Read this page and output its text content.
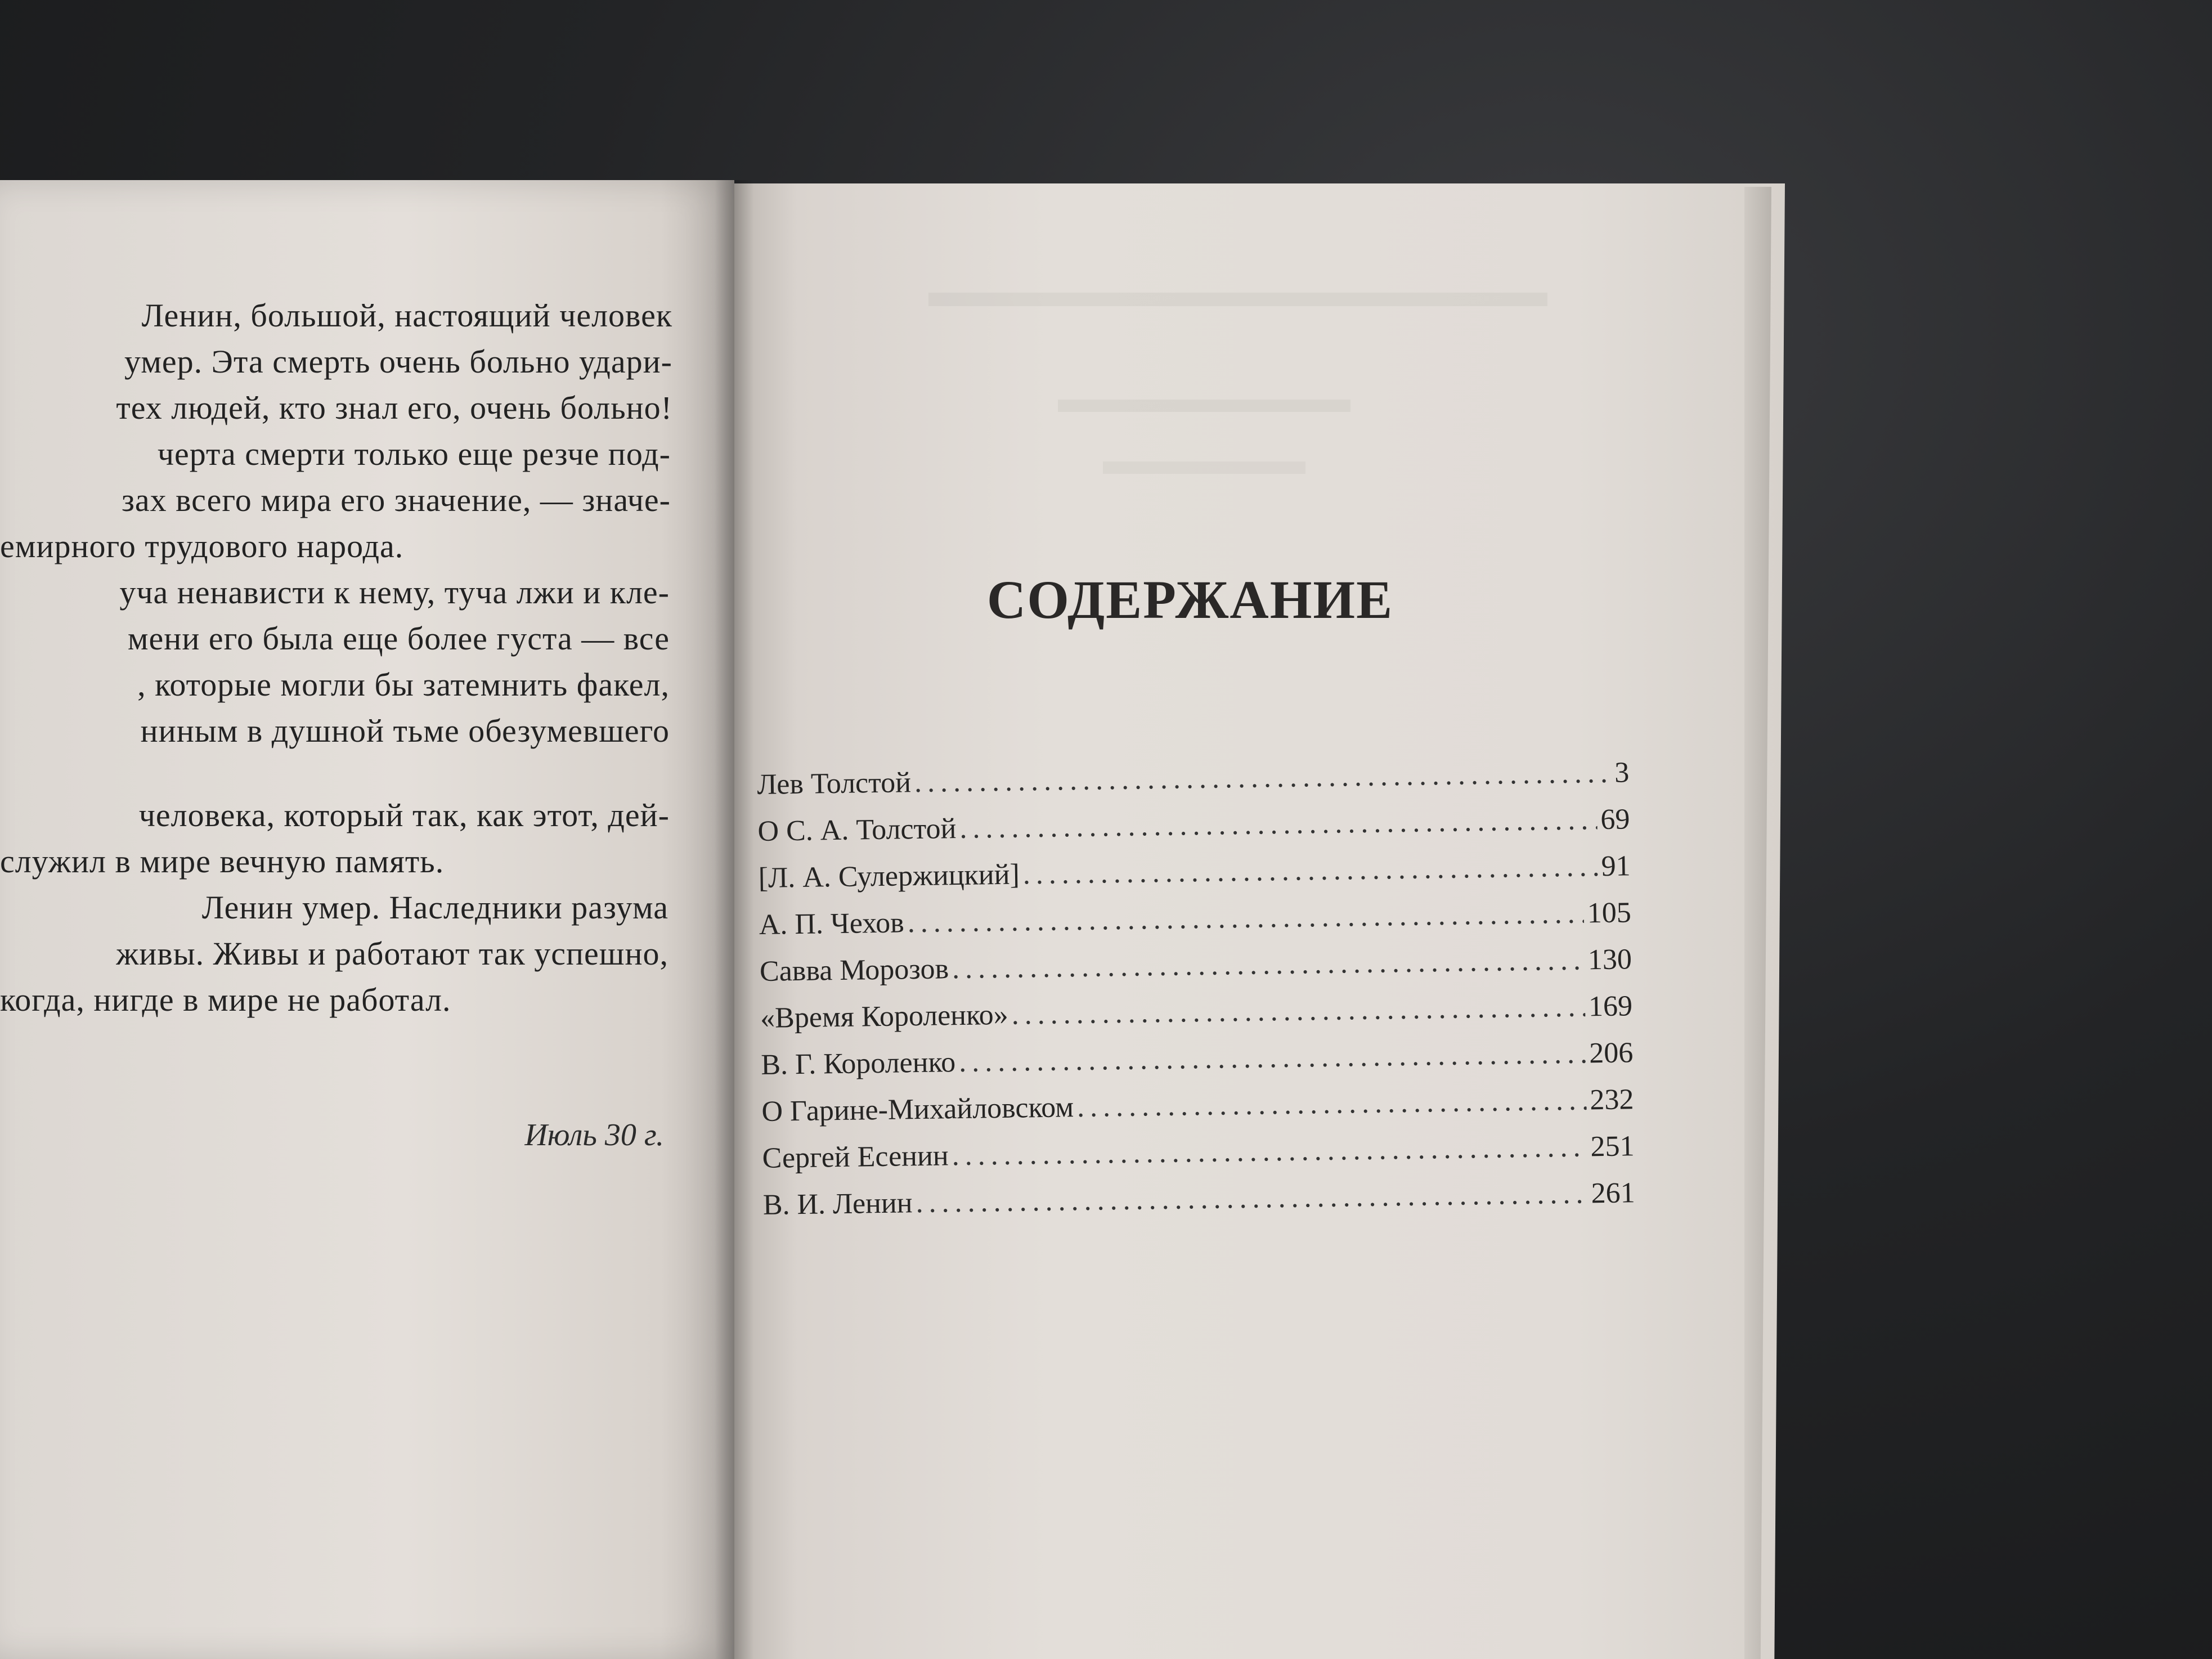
Ленин, большой, настоящий человек
умер. Эта смерть очень больно удари-
тех людей, кто знал его, очень больно!
черта смерти только еще резче под-
зах всего мира его значение, — значе-
емирного трудового народа.
уча ненависти к нему, туча лжи и кле-
мени его была еще более густа — все
, которые могли бы затемнить факел,
ниным в душной тьме обезумевшего
человека, который так, как этот, дей-
служил в мире вечную память.
Ленин умер. Наследники разума
живы. Живы и работают так успешно,
когда, нигде в мире не работал.
Июль 30 г.
СОДЕРЖАНИЕ
Лев Толстой .....	3
О С. А. Толстой .....	69
[Л. А. Сулержицкий] .....	91
А. П. Чехов .....	105
Савва Морозов .....	130
«Время Короленко» .....	169
В. Г. Короленко .....	206
О Гарине-Михайловском .....	232
Сергей Есенин .....	251
В. И. Ленин .....	261
